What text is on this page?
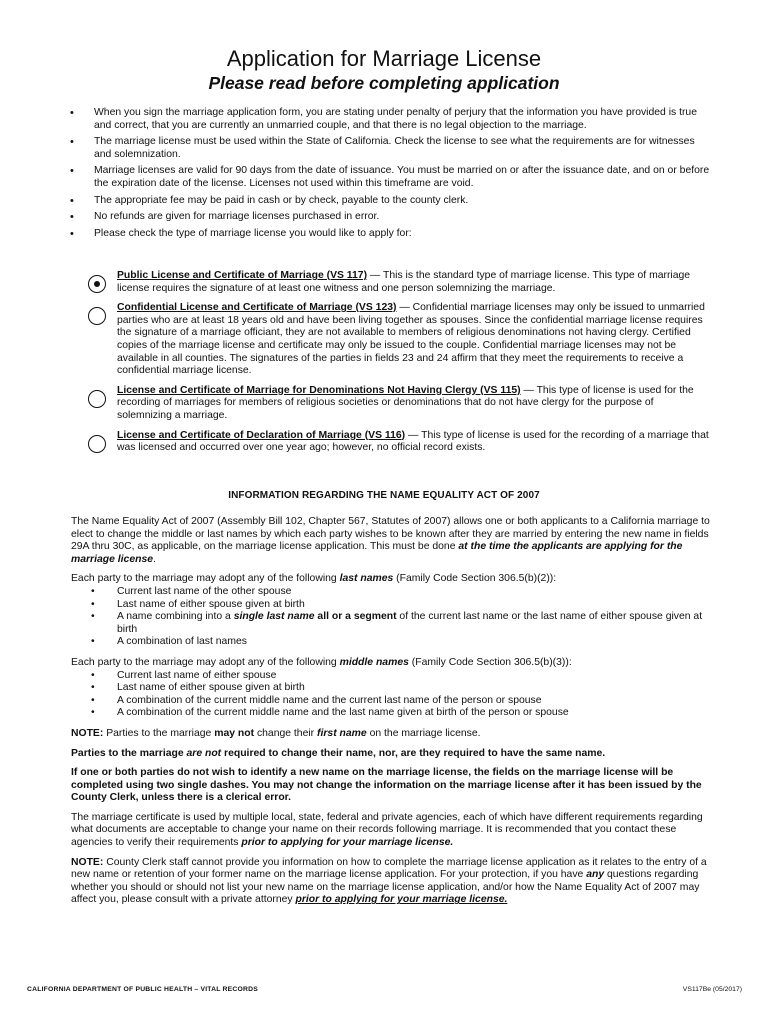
Application for Marriage License
Please read before completing application
• When you sign the marriage application form, you are stating under penalty of perjury that the information you have provided is true and correct, that you are currently an unmarried couple, and that there is no legal objection to the marriage.
• The marriage license must be used within the State of California. Check the license to see what the requirements are for witnesses and solemnization.
• Marriage licenses are valid for 90 days from the date of issuance. You must be married on or after the issuance date, and on or before the expiration date of the license. Licenses not used within this timeframe are void.
• The appropriate fee may be paid in cash or by check, payable to the county clerk.
• No refunds are given for marriage licenses purchased in error.
• Please check the type of marriage license you would like to apply for:
Public License and Certificate of Marriage (VS 117) — This is the standard type of marriage license. This type of marriage license requires the signature of at least one witness and one person solemnizing the marriage.
Confidential License and Certificate of Marriage (VS 123) — Confidential marriage licenses may only be issued to unmarried parties who are at least 18 years old and have been living together as spouses. Since the confidential marriage license requires the signature of a marriage officiant, they are not available to members of religious denominations not having clergy. Certified copies of the marriage license and certificate may only be issued to the couple. Confidential marriage licenses may not be available in all counties. The signatures of the parties in fields 23 and 24 affirm that they meet the requirements to receive a confidential marriage license.
License and Certificate of Marriage for Denominations Not Having Clergy (VS 115) — This type of license is used for the recording of marriages for members of religious societies or denominations that do not have clergy for the purpose of solemnizing a marriage.
License and Certificate of Declaration of Marriage (VS 116) — This type of license is used for the recording of a marriage that was licensed and occurred over one year ago; however, no official record exists.
INFORMATION REGARDING THE NAME EQUALITY ACT OF 2007

The Name Equality Act of 2007 (Assembly Bill 102, Chapter 567, Statutes of 2007) allows one or both applicants to a California marriage to elect to change the middle or last names by which each party wishes to be known after they are married by entering the new name in fields 29A thru 30C, as applicable, on the marriage license application. This must be done at the time the applicants are applying for the marriage license.

Each party to the marriage may adopt any of the following last names (Family Code Section 306.5(b)(2)):
• Current last name of the other spouse
• Last name of either spouse given at birth
• A name combining into a single last name all or a segment of the current last name or the last name of either spouse given at birth
• A combination of last names
Each party to the marriage may adopt any of the following middle names (Family Code Section 306.5(b)(3)):
• Current last name of either spouse
• Last name of either spouse given at birth
• A combination of the current middle name and the current last name of the person or spouse
• A combination of the current middle name and the last name given at birth of the person or spouse

NOTE: Parties to the marriage may not change their first name on the marriage license.

Parties to the marriage are not required to change their name, nor, are they required to have the same name.

If one or both parties do not wish to identify a new name on the marriage license, the fields on the marriage license will be completed using two single dashes. You may not change the information on the marriage license after it has been issued by the County Clerk, unless there is a clerical error.

The marriage certificate is used by multiple local, state, federal and private agencies, each of which have different requirements regarding what documents are acceptable to change your name on their records following marriage. It is recommended that you contact these agencies to verify their requirements prior to applying for your marriage license.

NOTE: County Clerk staff cannot provide you information on how to complete the marriage license application as it relates to the entry of a new name or retention of your former name on the marriage license application. For your protection, if you have any questions regarding whether you should or should not list your new name on the marriage license application, and/or how the Name Equality Act of 2007 may affect you, please consult with a private attorney prior to applying for your marriage license.

CALIFORNIA DEPARTMENT OF PUBLIC HEALTH – VITAL RECORDS	VS117Be (05/2017)
